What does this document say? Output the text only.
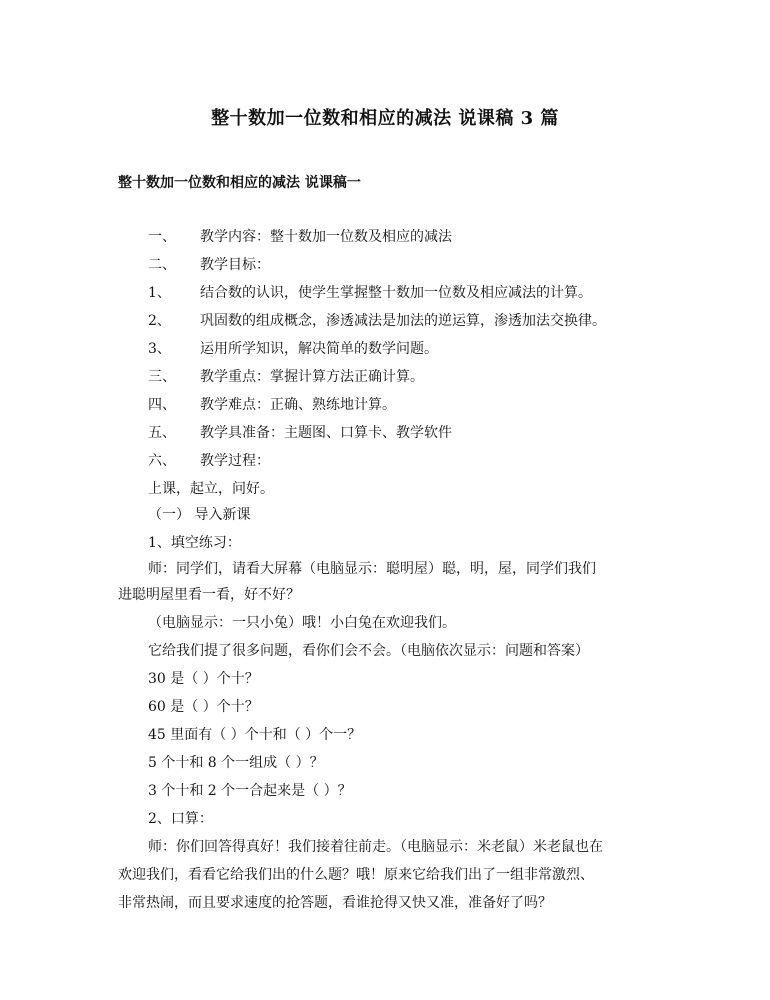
整十数加一位数和相应的减法 说课稿 3 篇
整十数加一位数和相应的减法 说课稿一
一、 教学内容：整十数加一位数及相应的减法
二、 教学目标：
1、 结合数的认识，使学生掌握整十数加一位数及相应减法的计算。
2、 巩固数的组成概念，渗透减法是加法的逆运算，渗透加法交换律。
3、 运用所学知识，解决简单的数学问题。
三、 教学重点：掌握计算方法正确计算。
四、 教学难点：正确、熟练地计算。
五、 教学具准备：主题图、口算卡、教学软件
六、 教学过程：
上课，起立，问好。
（一） 导入新课
1、填空练习：
师：同学们，请看大屏幕（电脑显示：聪明屋）聪，明，屋，同学们我们
进聪明屋里看一看，好不好？
（电脑显示：一只小兔）哦！小白兔在欢迎我们。
它给我们提了很多问题，看你们会不会。（电脑依次显示：问题和答案）
30 是（ ）个十？
60 是（ ）个十？
45 里面有（ ）个十和（ ）个一？
5 个十和 8 个一组成（ ）？
3 个十和 2 个一合起来是（ ）？
2、口算：
师：你们回答得真好！我们接着往前走。（电脑显示：米老鼠）米老鼠也在
欢迎我们，看看它给我们出的什么题？哦！原来它给我们出了一组非常激烈、
非常热闹，而且要求速度的抢答题，看谁抢得又快又准，准备好了吗？
